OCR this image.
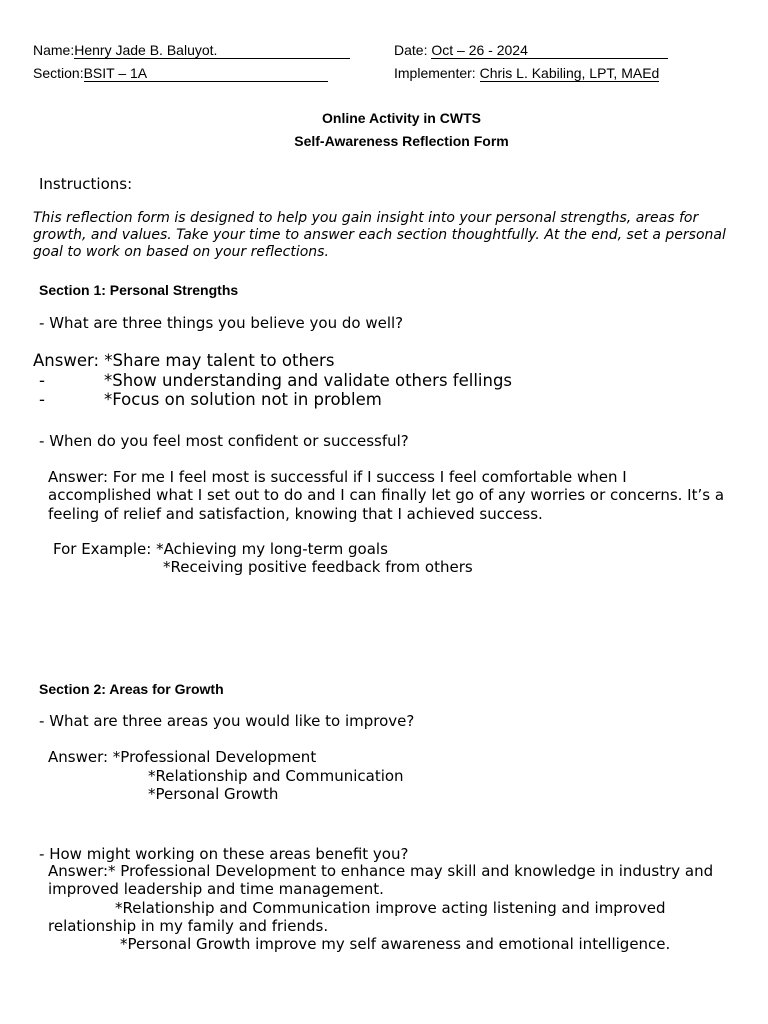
Name:Henry Jade B. Baluyot.	Date: Oct – 26 - 2024
Section:BSIT – 1A	Implementer: Chris L. Kabiling, LPT, MAEd
Online Activity in CWTS
Self-Awareness Reflection Form
Instructions:
This reflection form is designed to help you gain insight into your personal strengths, areas for
growth, and values. Take your time to answer each section thoughtfully. At the end, set a personal
goal to work on based on your reflections.
Section 1: Personal Strengths
- What are three things you believe you do well?
Answer: *Share may talent to others
-	*Show understanding and validate others fellings
-	*Focus on solution not in problem
- When do you feel most confident or successful?
Answer: For me I feel most is successful if I success I feel comfortable when I
accomplished what I set out to do and I can finally let go of any worries or concerns. It’s a
feeling of relief and satisfaction, knowing that I achieved success.
For Example: *Achieving my long-term goals
*Receiving positive feedback from others
Section 2: Areas for Growth
- What are three areas you would like to improve?
Answer: *Professional Development
*Relationship and Communication
*Personal Growth
- How might working on these areas benefit you?
Answer:* Professional Development to enhance may skill and knowledge in industry and
improved leadership and time management.
*Relationship and Communication improve acting listening and improved
relationship in my family and friends.
*Personal Growth improve my self awareness and emotional intelligence.
